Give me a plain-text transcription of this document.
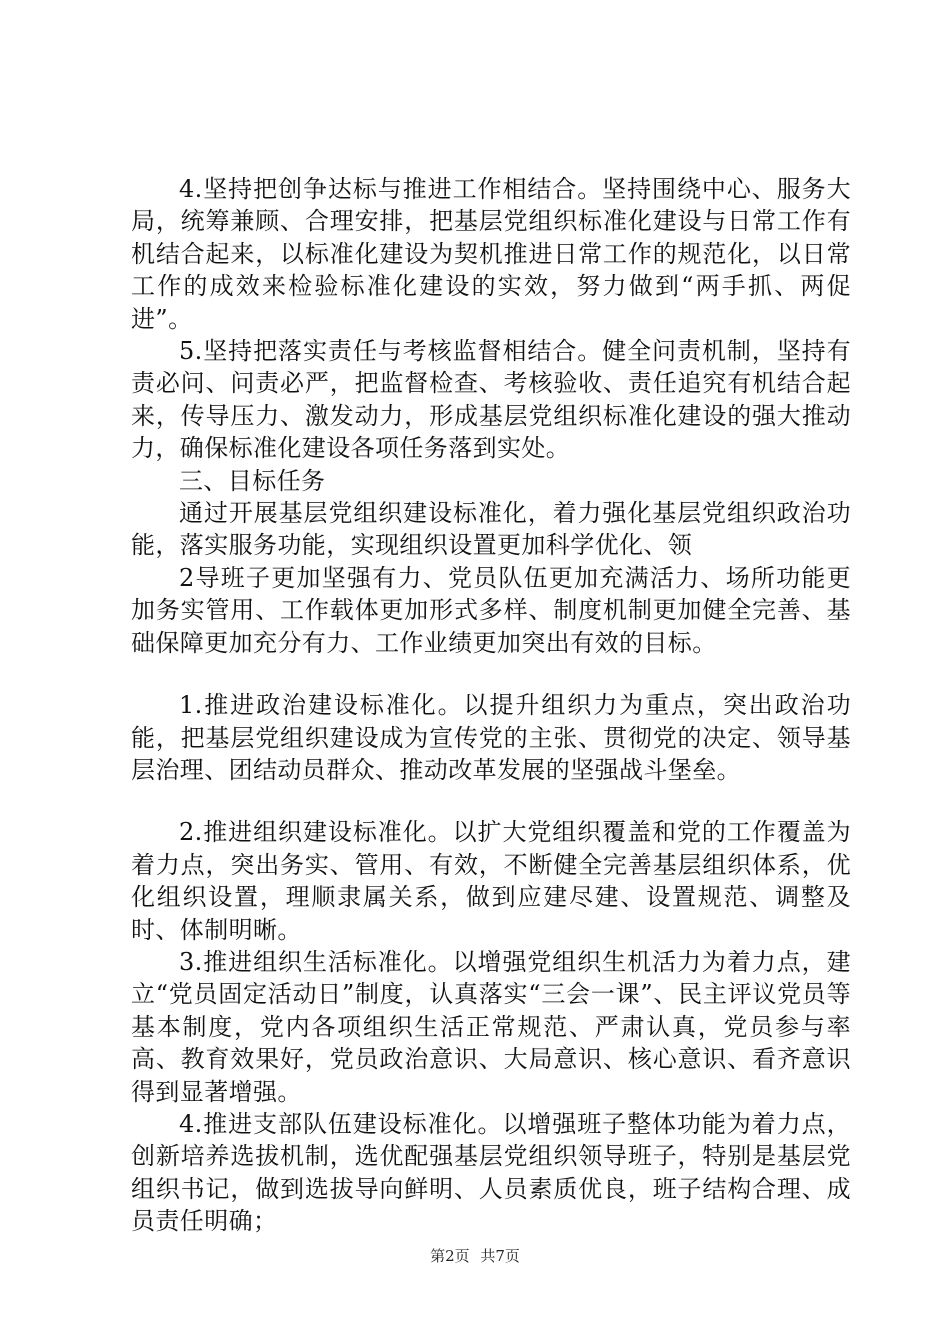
4.坚持把创争达标与推进工作相结合。坚持围绕中心、服务大局，统筹兼顾、合理安排，把基层党组织标准化建设与日常工作有机结合起来，以标准化建设为契机推进日常工作的规范化，以日常工作的成效来检验标准化建设的实效，努力做到“两手抓、两促进”。

5.坚持把落实责任与考核监督相结合。健全问责机制，坚持有责必问、问责必严，把监督检查、考核验收、责任追究有机结合起来，传导压力、激发动力，形成基层党组织标准化建设的强大推动力，确保标准化建设各项任务落到实处。

三、目标任务

通过开展基层党组织建设标准化，着力强化基层党组织政治功能，落实服务功能，实现组织设置更加科学优化、领

2导班子更加坚强有力、党员队伍更加充满活力、场所功能更加务实管用、工作载体更加形式多样、制度机制更加健全完善、基础保障更加充分有力、工作业绩更加突出有效的目标。

1.推进政治建设标准化。以提升组织力为重点，突出政治功能，把基层党组织建设成为宣传党的主张、贯彻党的决定、领导基层治理、团结动员群众、推动改革发展的坚强战斗堡垒。

2.推进组织建设标准化。以扩大党组织覆盖和党的工作覆盖为着力点，突出务实、管用、有效，不断健全完善基层组织体系，优化组织设置，理顺隶属关系，做到应建尽建、设置规范、调整及时、体制明晰。

3.推进组织生活标准化。以增强党组织生机活力为着力点，建立“党员固定活动日”制度，认真落实“三会一课”、民主评议党员等基本制度，党内各项组织生活正常规范、严肃认真，党员参与率高、教育效果好，党员政治意识、大局意识、核心意识、看齐意识得到显著增强。

4.推进支部队伍建设标准化。以增强班子整体功能为着力点，创新培养选拔机制，选优配强基层党组织领导班子，特别是基层党组织书记，做到选拔导向鲜明、人员素质优良，班子结构合理、成员责任明确；

第2页 共7页
